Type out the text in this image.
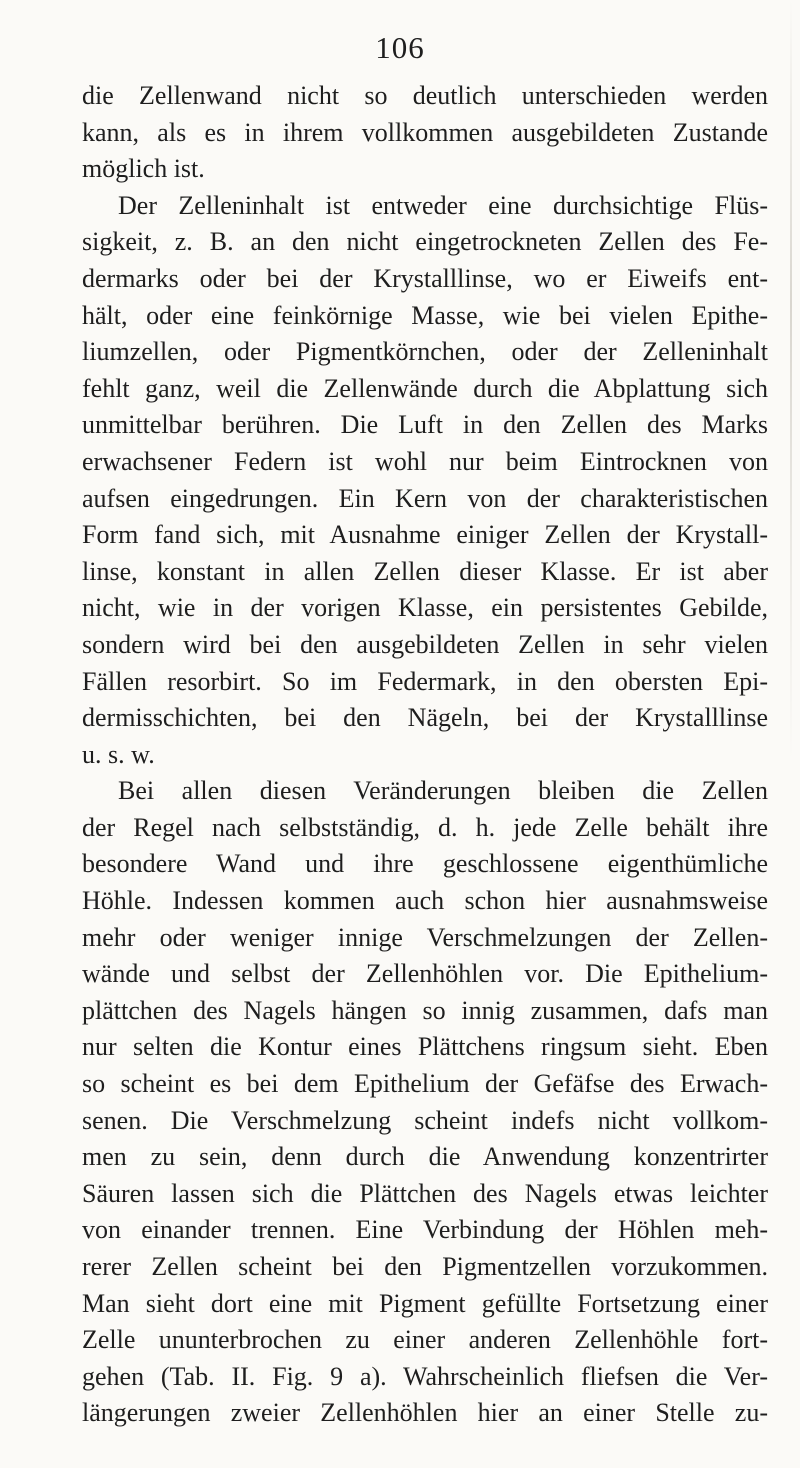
106
die Zellenwand nicht so deutlich unterschieden werden
kann, als es in ihrem vollkommen ausgebildeten Zustande
möglich ist.
Der Zelleninhalt ist entweder eine durchsichtige Flüs-
sigkeit, z. B. an den nicht eingetrockneten Zellen des Fe-
dermarks oder bei der Krystalllinse, wo er Eiweifs ent-
hält, oder eine feinkörnige Masse, wie bei vielen Epithe-
liumzellen, oder Pigmentkörnchen, oder der Zelleninhalt
fehlt ganz, weil die Zellenwände durch die Abplattung sich
unmittelbar berühren. Die Luft in den Zellen des Marks
erwachsener Federn ist wohl nur beim Eintrocknen von
aufsen eingedrungen. Ein Kern von der charakteristischen
Form fand sich, mit Ausnahme einiger Zellen der Krystall-
linse, konstant in allen Zellen dieser Klasse. Er ist aber
nicht, wie in der vorigen Klasse, ein persistentes Gebilde,
sondern wird bei den ausgebildeten Zellen in sehr vielen
Fällen resorbirt. So im Federmark, in den obersten Epi-
dermisschichten, bei den Nägeln, bei der Krystalllinse
u. s. w.
Bei allen diesen Veränderungen bleiben die Zellen
der Regel nach selbstständig, d. h. jede Zelle behält ihre
besondere Wand und ihre geschlossene eigenthümliche
Höhle. Indessen kommen auch schon hier ausnahmsweise
mehr oder weniger innige Verschmelzungen der Zellen-
wände und selbst der Zellenhöhlen vor. Die Epithelium-
plättchen des Nagels hängen so innig zusammen, dafs man
nur selten die Kontur eines Plättchens ringsum sieht. Eben
so scheint es bei dem Epithelium der Gefäfse des Erwach-
senen. Die Verschmelzung scheint indefs nicht vollkom-
men zu sein, denn durch die Anwendung konzentrirter
Säuren lassen sich die Plättchen des Nagels etwas leichter
von einander trennen. Eine Verbindung der Höhlen meh-
rerer Zellen scheint bei den Pigmentzellen vorzukommen.
Man sieht dort eine mit Pigment gefüllte Fortsetzung einer
Zelle ununterbrochen zu einer anderen Zellenhöhle fort-
gehen (Tab. II. Fig. 9 a). Wahrscheinlich fliefsen die Ver-
längerungen zweier Zellenhöhlen hier an einer Stelle zu-
